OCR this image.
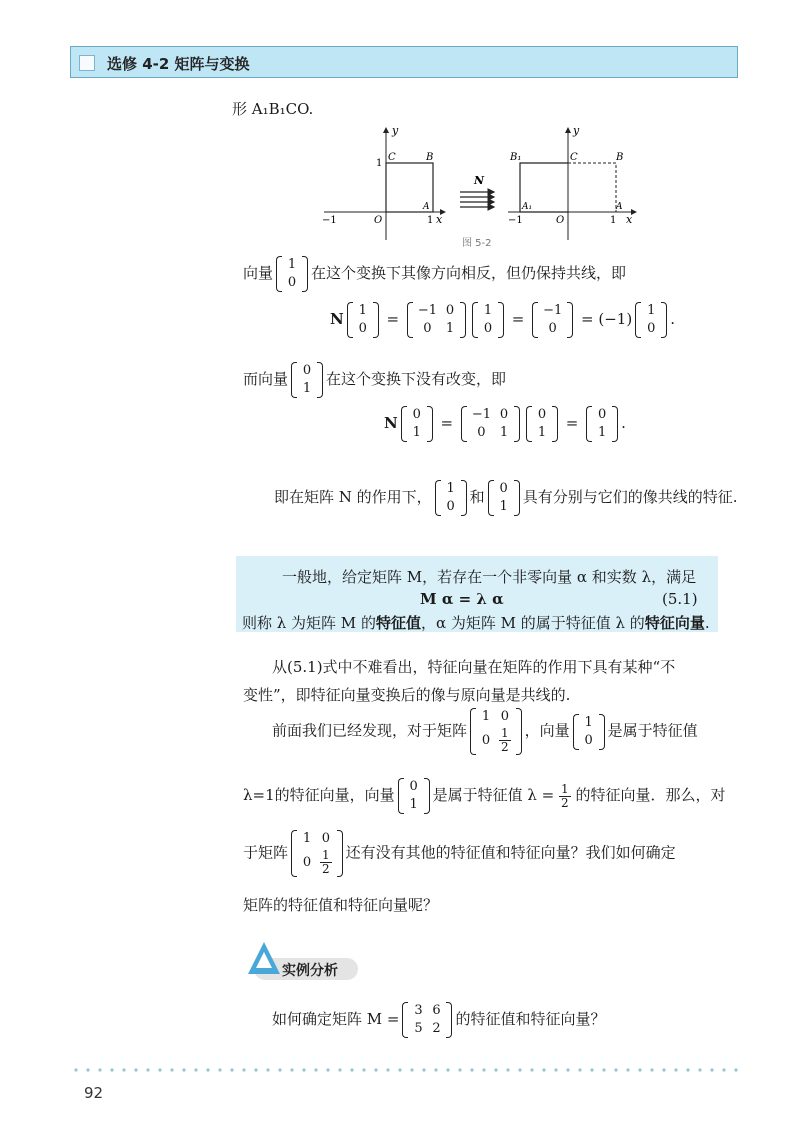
选修 4-2 矩阵与变换
形 A₁B₁CO.
y
x
−1	O	1
1
A
B
C
N
y
x
−1	O	1
B₁
A₁
C
A
B
图 5-2
向量 1
0
在这个变换下其像方向相反，但仍保持共线，即
N 1
0
= −1	0
0	1
1
0
= −1
0
= (−1) 1
0
.
而向量 0
1
在这个变换下没有改变，即
N 0
1
= −1	0
0	1
0
1
= 0
1
.
即在矩阵 N 的作用下， 1
0
和 0
1
具有分别与它们的像共线的特征.
一般地，给定矩阵 M，若存在一个非零向量 α 和实数 λ，满足
M α = λ α	(5.1)
则称 λ 为矩阵 M 的特征值，α 为矩阵 M 的属于特征值 λ 的特征向量.
从(5.1)式中不难看出，特征向量在矩阵的作用下具有某种“不
变性”，即特征向量变换后的像与原向量是共线的.
前面我们已经发现，对于矩阵
1	0
0	$\frac{1}{2}$ ，向量 1
0
是属于特征值
λ=1的特征向量，向量 0
1
是属于特征值 $\lambda = \frac{1}{2}$ 的特征向量．那么，对
于矩阵
1	0
0	$\frac{1}{2}$ 还有没有其他的特征值和特征向量？我们如何确定
矩阵的特征值和特征向量呢？
实例分析
如何确定矩阵 M = 3	6
5	2
的特征值和特征向量？
92
